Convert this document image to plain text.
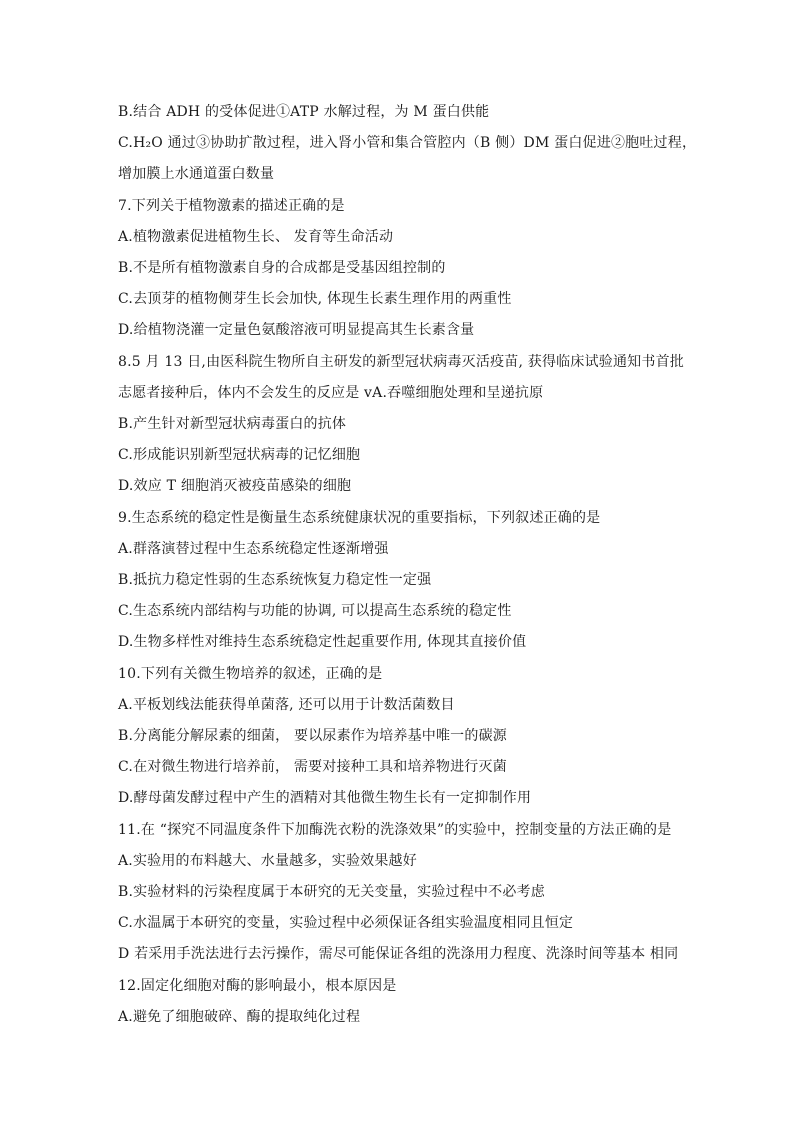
B.结合 ADH 的受体促进①ATP 水解过程，为 M 蛋白供能
C.H₂O 通过③协助扩散过程，进入肾小管和集合管腔内（B 侧）DM 蛋白促进②胞吐过程，
增加膜上水通道蛋白数量
7.下列关于植物激素的描述正确的是
A.植物激素促进植物生长、 发育等生命活动
B.不是所有植物激素自身的合成都是受基因组控制的
C.去顶芽的植物侧芽生长会加快, 体现生长素生理作用的两重性
D.给植物浇灌一定量色氨酸溶液可明显提高其生长素含量
8.5 月 13 日,由医科院生物所自主研发的新型冠状病毒灭活疫苗, 获得临床试验通知书首批
志愿者接种后，体内不会发生的反应是 vA.吞噬细胞处理和呈递抗原
B.产生针对新型冠状病毒蛋白的抗体
C.形成能识别新型冠状病毒的记忆细胞
D.效应 T 细胞消灭被疫苗感染的细胞
9.生态系统的稳定性是衡量生态系统健康状况的重要指标，下列叙述正确的是
A.群落演替过程中生态系统稳定性逐渐增强
B.抵抗力稳定性弱的生态系统恢复力稳定性一定强
C.生态系统内部结构与功能的协调, 可以提高生态系统的稳定性
D.生物多样性对维持生态系统稳定性起重要作用, 体现其直接价值
10.下列有关微生物培养的叙述，正确的是
A.平板划线法能获得单菌落, 还可以用于计数活菌数目
B.分离能分解尿素的细菌， 要以尿素作为培养基中唯一的碳源
C.在对微生物进行培养前， 需要对接种工具和培养物进行灭菌
D.酵母菌发酵过程中产生的酒精对其他微生物生长有一定抑制作用
11.在 “探究不同温度条件下加酶洗衣粉的洗涤效果”的实验中，控制变量的方法正确的是
A.实验用的布料越大、水量越多，实验效果越好
B.实验材料的污染程度属于本研究的无关变量，实验过程中不必考虑
C.水温属于本研究的变量，实验过程中必须保证各组实验温度相同且恒定
D 若采用手洗法进行去污操作，需尽可能保证各组的洗涤用力程度、洗涤时间等基本 相同
12.固定化细胞对酶的影响最小，根本原因是
A.避免了细胞破碎、酶的提取纯化过程
